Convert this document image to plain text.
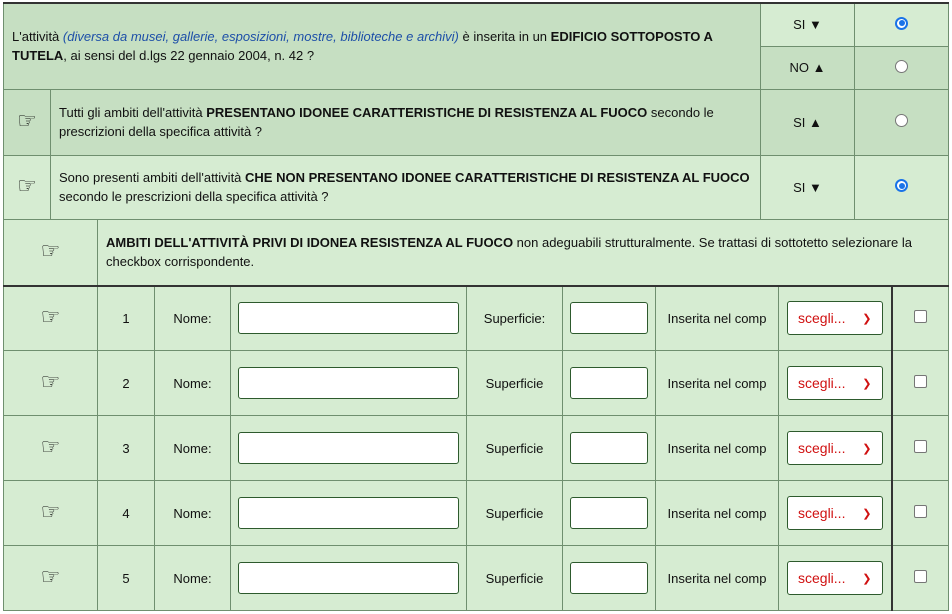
L'attività (diversa da musei, gallerie, esposizioni, mostre, biblioteche e archivi) è inserita in un EDIFICIO SOTTOPOSTO A TUTELA, ai sensi del d.lgs 22 gennaio 2004, n. 42 ?		SI ▼	
		NO ▲	
☞	Tutti gli ambiti dell'attività PRESENTANO IDONEE CARATTERISTICHE DI RESISTENZA AL FUOCO secondo le prescrizioni della specifica attività ?	SI ▲	
☞	Sono presenti ambiti dell'attività CHE NON PRESENTANO IDONEE CARATTERISTICHE DI RESISTENZA AL FUOCO secondo le prescrizioni della specifica attività ?	SI ▼	
☞	AMBITI DELL'ATTIVITÀ PRIVI DI IDONEA RESISTENZA AL FUOCO non adeguabili strutturalmente. Se trattasi di sottotetto selezionare la checkbox corrispondente.							
☞	1	Nome:		Superficie:		Inserita nel comp	scegli... ❯	

☞	2	Nome:		Superficie		Inserita nel comp	scegli... ❯	

☞	3	Nome:		Superficie		Inserita nel comp	scegli... ❯	

☞	4	Nome:		Superficie		Inserita nel comp	scegli... ❯	

☞	5	Nome:		Superficie		Inserita nel comp	scegli... ❯	
